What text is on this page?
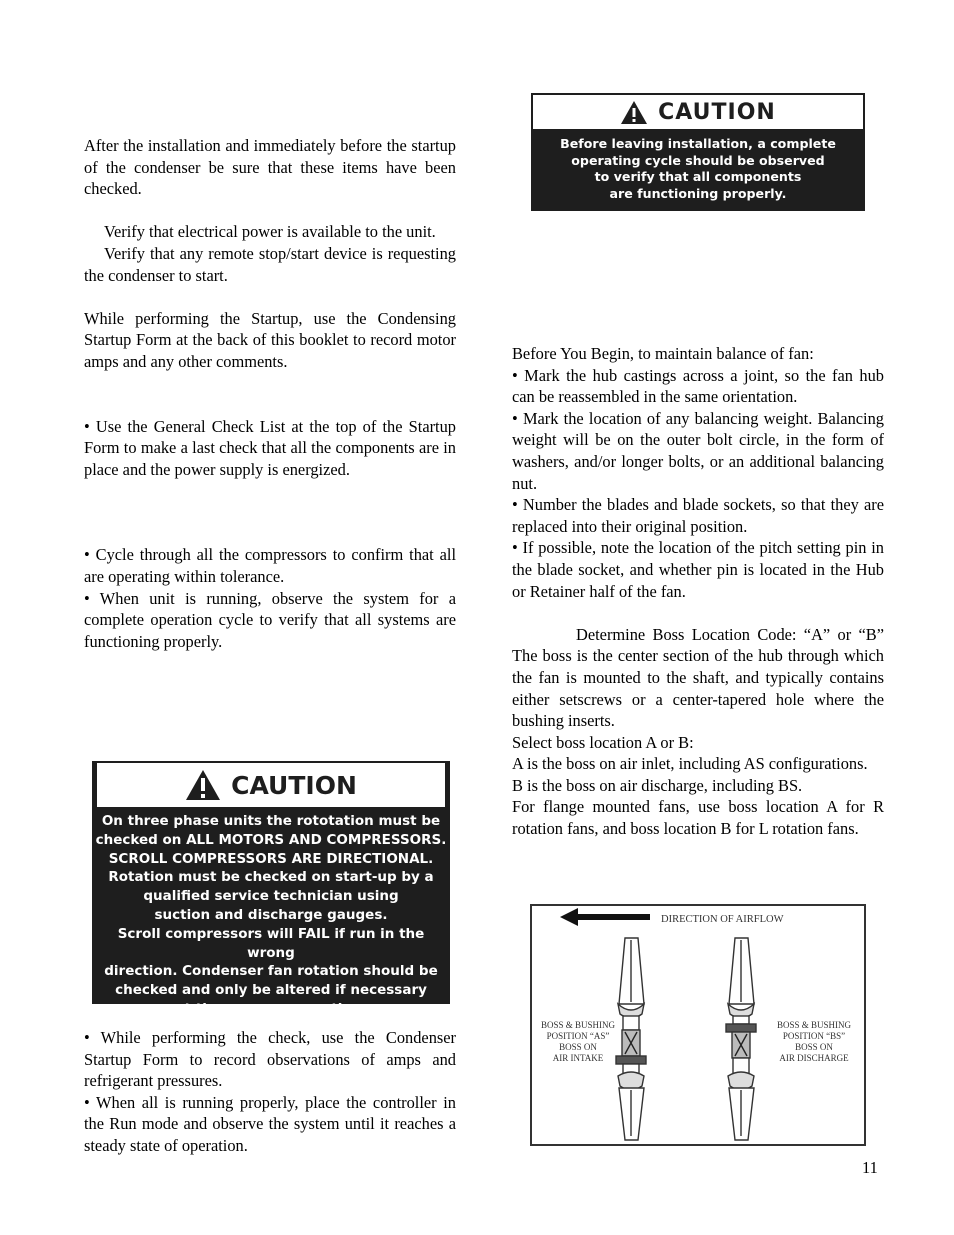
After the installation and immediately before the startup of the condenser be sure that these items have been checked.

Verify that electrical power is available to the unit.

Verify that any remote stop/start device is requesting the condenser to start.

While performing the Startup, use the Condensing Startup Form at the back of this booklet to record motor amps and any other comments.

• Use the General Check List at the top of the Startup Form to make a last check that all the components are in place and the power supply is energized.

• Cycle through all the compressors to confirm that all are operating within tolerance.

• When unit is running, observe the system for a complete operation cycle to verify that all systems are functioning properly.

• While performing the check, use the Condenser Startup Form to record observations of amps and refrigerant pressures.

• When all is running properly, place the controller in the Run mode and observe the system until it reaches a steady state of operation.

CAUTION

Before leaving installation, a complete

operating cycle should be observed

to verify that all components

are functioning properly.

CAUTION

On three phase units the rototation must be

checked on ALL MOTORS AND COMPRESSORS.

SCROLL COMPRESSORS ARE DIRECTIONAL.

Rotation must be checked on start-up by a

qualified service technician using

suction and discharge gauges.

Scroll compressors will FAIL if run in the wrong

direction. Condenser fan rotation should be

checked and only be altered if necessary

at the power connection.

Before You Begin, to maintain balance of fan:

• Mark the hub castings across a joint, so the fan hub can be reassembled in the same orientation.

• Mark the location of any balancing weight. Balancing weight will be on the outer bolt circle, in the form of washers, and/or longer bolts, or an additional balancing nut.

• Number the blades and blade sockets, so that they are replaced into their original position.

• If possible, note the location of the pitch setting pin in the blade socket, and whether pin is located in the Hub or Retainer half of the fan.

Determine Boss Location Code: “A” or “B” The boss is the center section of the hub through which the fan is mounted to the shaft, and typically contains either setscrews or a center-tapered hole where the bushing inserts.

Select boss location A or B:

A is the boss on air inlet, including AS configurations.

B is the boss on air discharge, including BS.

For flange mounted fans, use boss location A for R rotation fans, and boss location B for L rotation fans.

DIRECTION OF AIRFLOW
BOSS & BUSHING
POSITION “AS”
BOSS ON
AIR INTAKE
BOSS & BUSHING
POSITION “BS”
BOSS ON
AIR DISCHARGE
11
